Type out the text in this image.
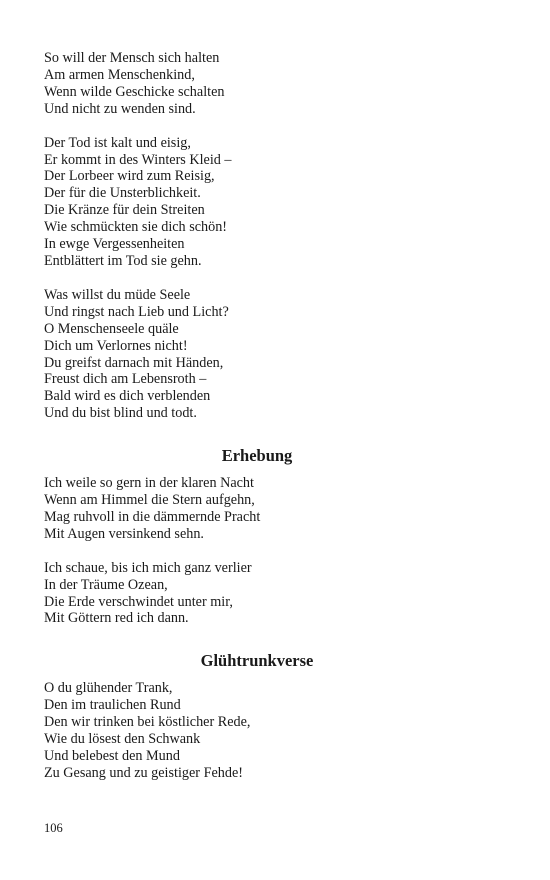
So will der Mensch sich halten
Am armen Menschenkind,
Wenn wilde Geschicke schalten
Und nicht zu wenden sind.
Der Tod ist kalt und eisig,
Er kommt in des Winters Kleid –
Der Lorbeer wird zum Reisig,
Der für die Unsterblichkeit.
Die Kränze für dein Streiten
Wie schmückten sie dich schön!
In ewge Vergessenheiten
Entblättert im Tod sie gehn.
Was willst du müde Seele
Und ringst nach Lieb und Licht?
O Menschenseele quäle
Dich um Verlornes nicht!
Du greifst darnach mit Händen,
Freust dich am Lebensroth –
Bald wird es dich verblenden
Und du bist blind und todt.
Erhebung
Ich weile so gern in der klaren Nacht
Wenn am Himmel die Stern aufgehn,
Mag ruhvoll in die dämmernde Pracht
Mit Augen versinkend sehn.
Ich schaue, bis ich mich ganz verlier
In der Träume Ozean,
Die Erde verschwindet unter mir,
Mit Göttern red ich dann.
Glühtrunkverse
O du glühender Trank,
Den im traulichen Rund
Den wir trinken bei köstlicher Rede,
Wie du lösest den Schwank
Und belebest den Mund
Zu Gesang und zu geistiger Fehde!
106
